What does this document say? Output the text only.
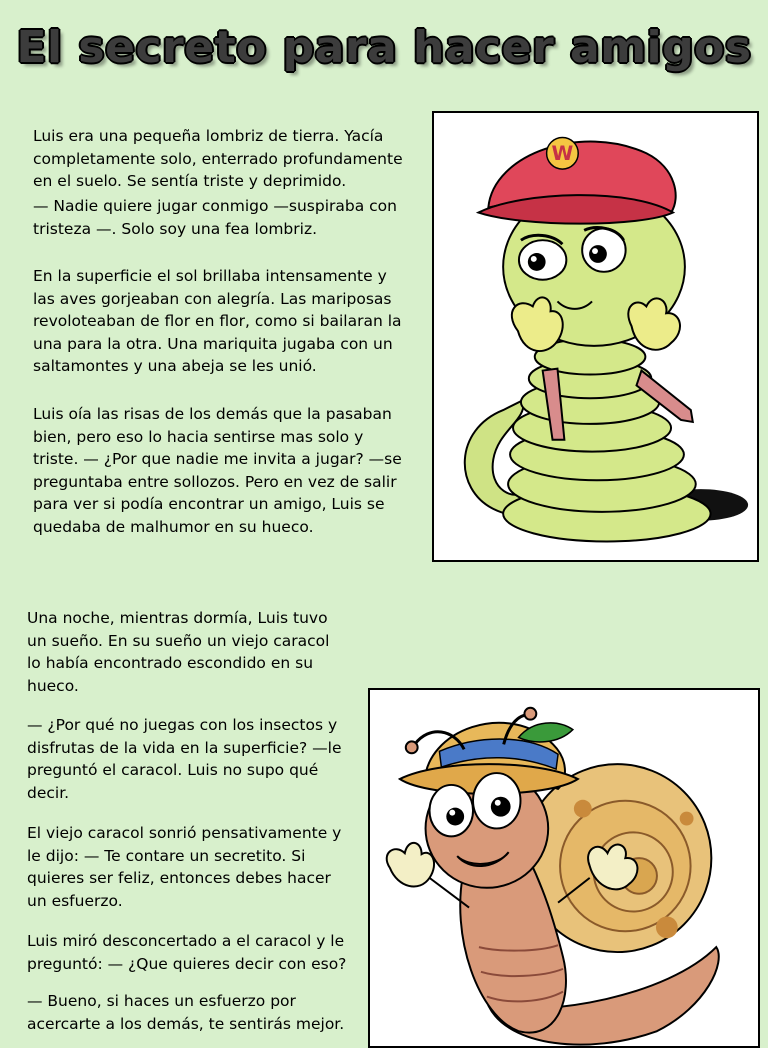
El secreto para hacer amigos

Luis era una pequeña lombriz de tierra. Yacía completamente solo, enterrado profundamente en el suelo. Se sentía triste y deprimido.

— Nadie quiere jugar conmigo —suspiraba con tristeza —. Solo soy una fea lombriz.

En la superficie el sol brillaba intensamente y las aves gorjeaban con alegría. Las mariposas revoloteaban de flor en flor, como si bailaran la una para la otra. Una mariquita jugaba con un saltamontes y una abeja se les unió.

Luis oía las risas de los demás que la pasaban bien, pero eso lo hacia sentirse mas solo y triste. — ¿Por que nadie me invita a jugar? —se preguntaba entre sollozos. Pero en vez de salir para ver si podía encontrar un amigo, Luis se quedaba de malhumor en su hueco.

W

Una noche, mientras dormía, Luis tuvo un sueño. En su sueño un viejo caracol lo había encontrado escondido en su hueco.

— ¿Por qué no juegas con los insectos y disfrutas de la vida en la superficie? —le preguntó el caracol. Luis no supo qué decir.

El viejo caracol sonrió pensativamente y le dijo: — Te contare un secretito. Si quieres ser feliz, entonces debes hacer un esfuerzo.

Luis miró desconcertado a el caracol y le preguntó: — ¿Que quieres decir con eso?

— Bueno, si haces un esfuerzo por acercarte a los demás, te sentirás mejor.
